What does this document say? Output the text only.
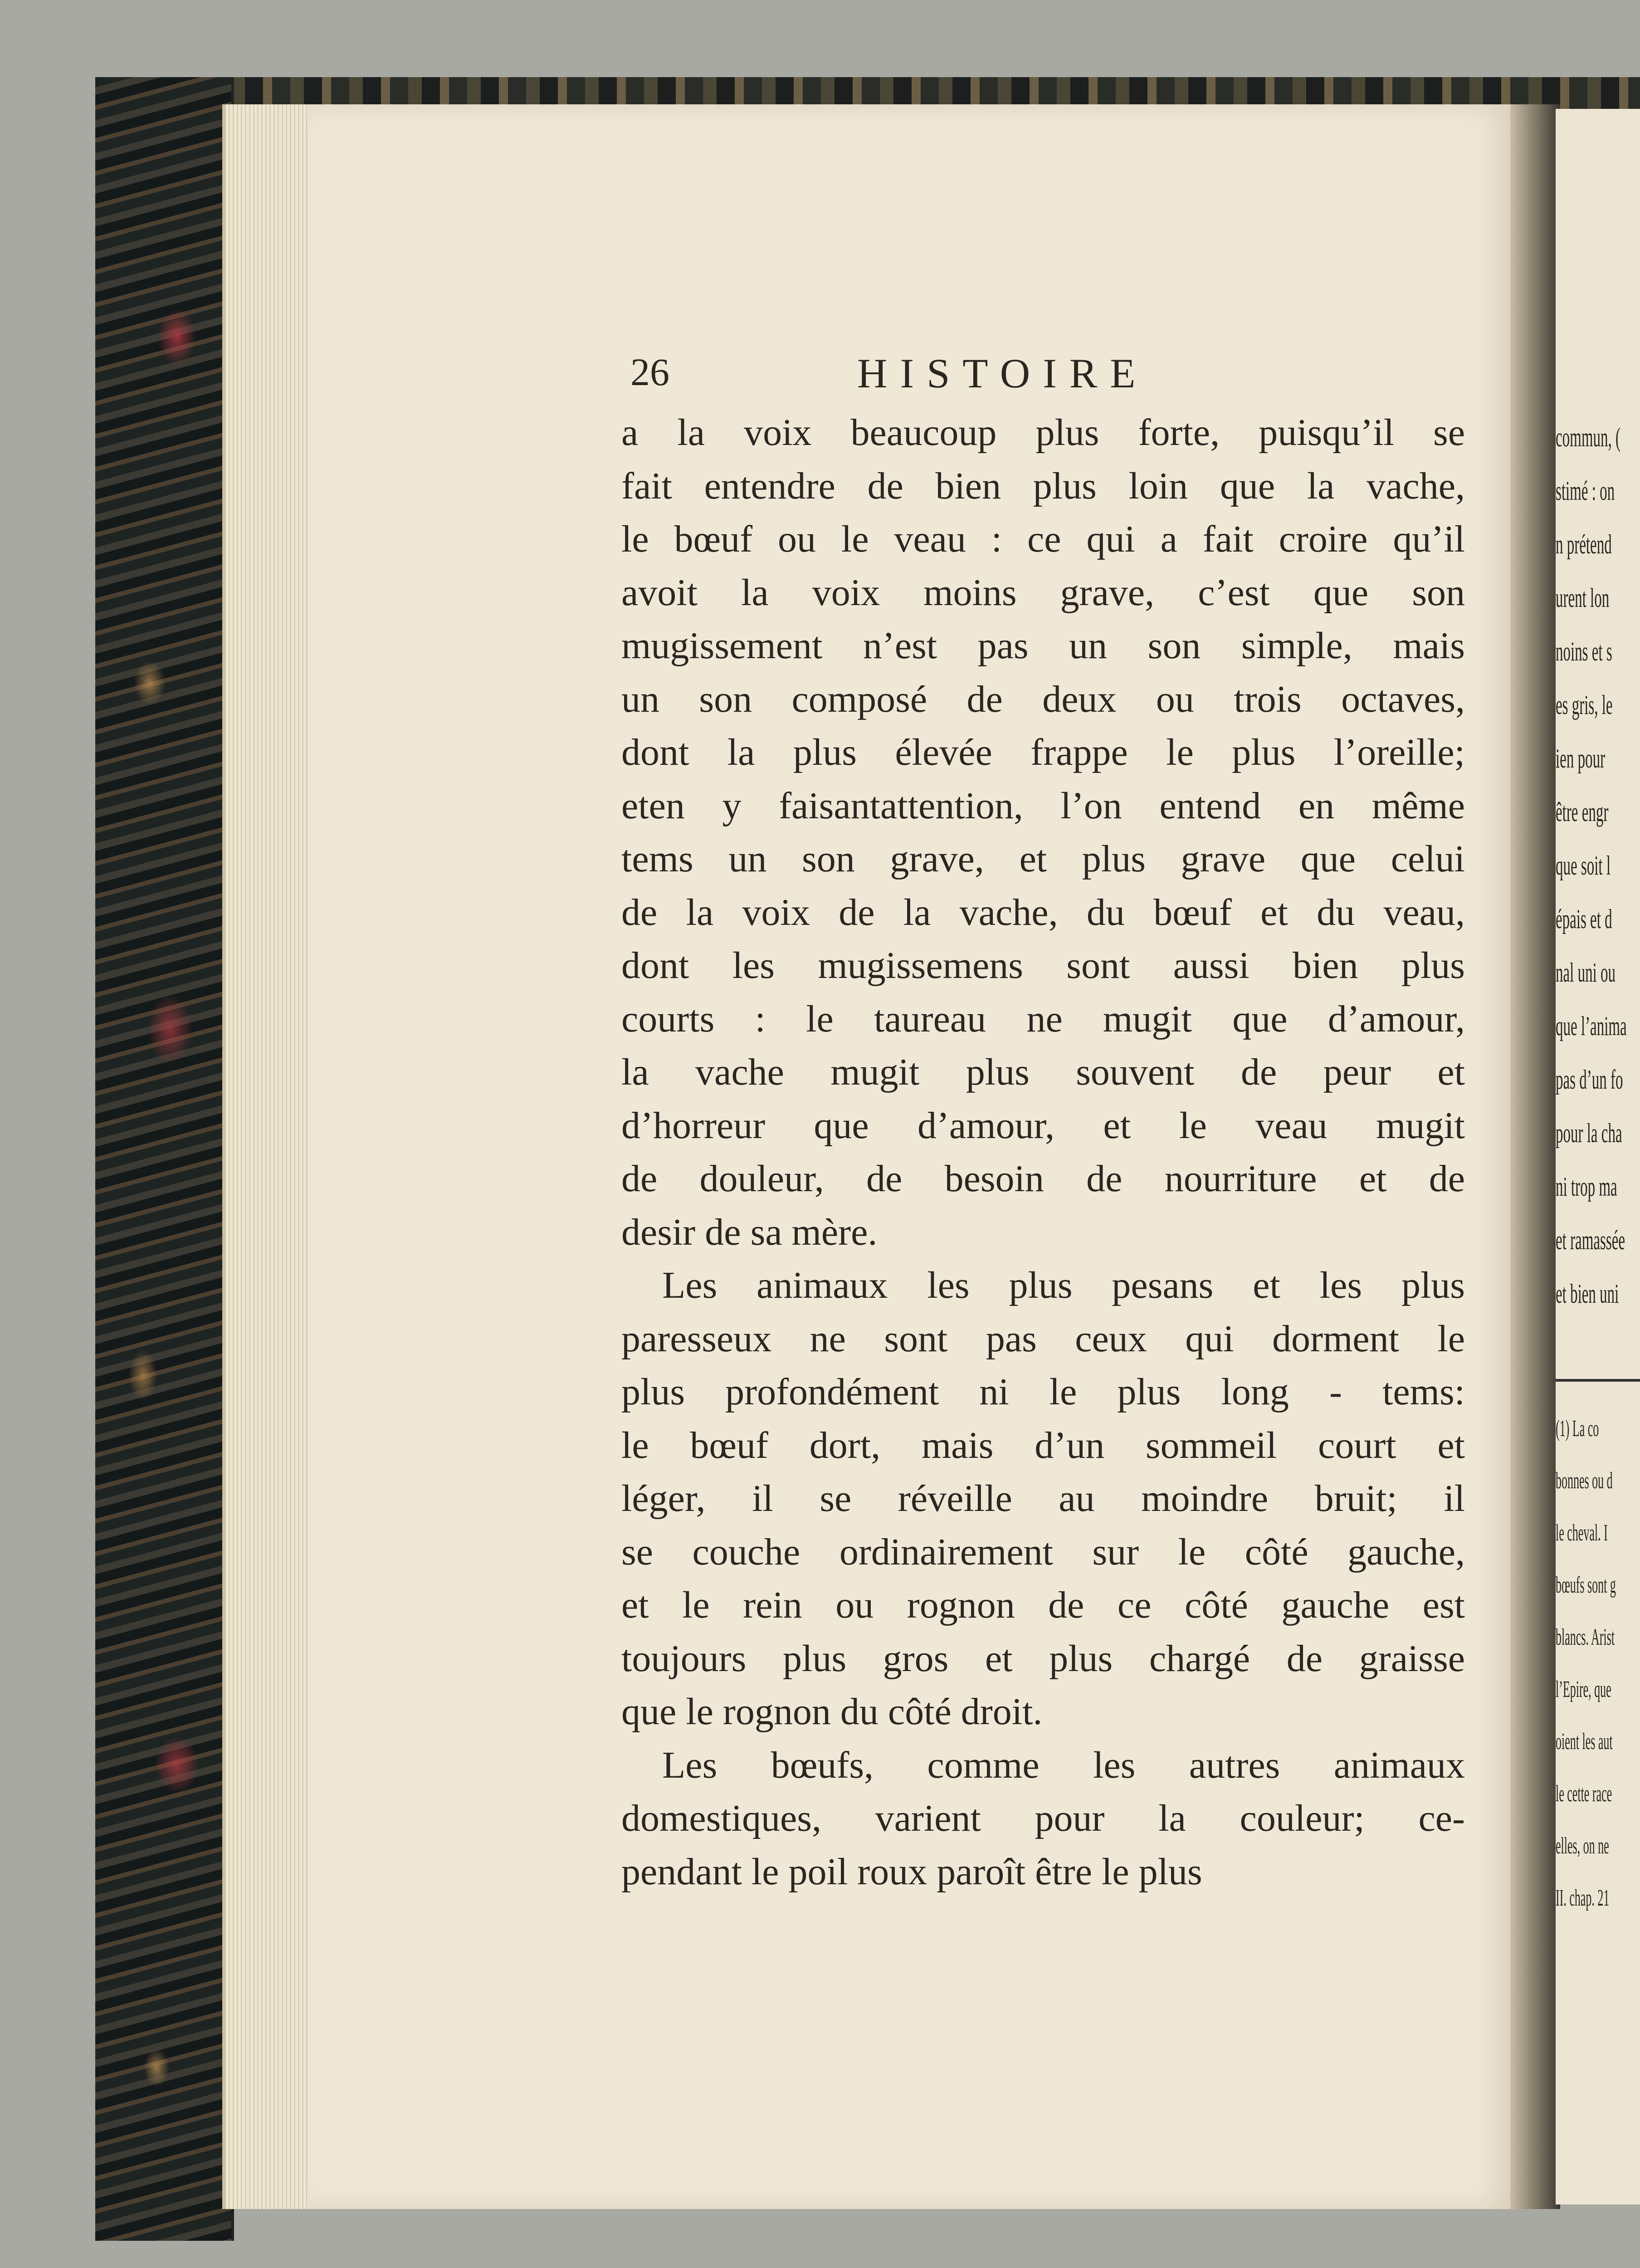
26	HISTOIRE
a la voix beaucoup plus forte, puisqu’il se
fait entendre de bien plus loin que la vache,
le bœuf ou le veau : ce qui a fait croire qu’il
avoit la voix moins grave, c’est que son
mugissement n’est pas un son simple, mais
un son composé de deux ou trois octaves,
dont la plus élevée frappe le plus l’oreille;
eten y faisantattention, l’on entend en même
tems un son grave, et plus grave que celui
de la voix de la vache, du bœuf et du veau,
dont les mugissemens sont aussi bien plus
courts : le taureau ne mugit que d’amour,
la vache mugit plus souvent de peur et
d’horreur que d’amour, et le veau mugit
de douleur, de besoin de nourriture et de
desir de sa mère.
Les animaux les plus pesans et les plus
paresseux ne sont pas ceux qui dorment le
plus profondément ni le plus long - tems:
le bœuf dort, mais d’un sommeil court et
léger, il se réveille au moindre bruit; il
se couche ordinairement sur le côté gauche,
et le rein ou rognon de ce côté gauche est
toujours plus gros et plus chargé de graisse
que le rognon du côté droit.
Les bœufs, comme les autres animaux
domestiques, varient pour la couleur; ce-
pendant le poil roux paroît être le plus
commun, (
stimé : on
n prétend
urent lon
noins et s
es gris, le
ien pour
être engr
que soit l
épais et d
nal uni ou
que l’anima
pas d’un fo
pour la cha
ni trop ma
et ramassée
et bien uni
(1) La co
bonnes ou d
le cheval. I
bœufs sont g
blancs. Arist
l’Epire, que
oient les aut
le cette race
elles, on ne
II. chap. 21
